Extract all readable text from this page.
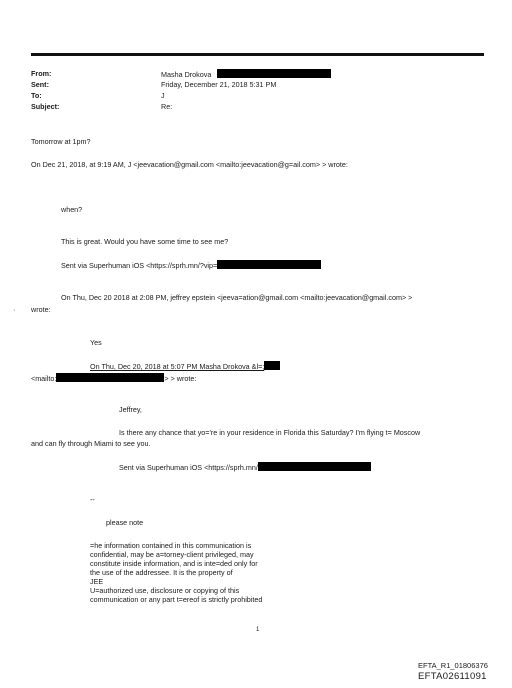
From:
Sent:
To:
Subject:
Masha Drokova
Friday, December 21, 2018 5:31 PM
J
Re:
Tomorrow at 1pm?
On Dec 21, 2018, at 9:19 AM, J <jeevacation@gmail.com <mailto:jeevacation@g=ail.com> > wrote:
when?
This is great. Would you have some time to see me?
Sent via Superhuman iOS <https://sprh.mn/?vip=
On Thu, Dec 20 2018 at 2:08 PM, jeffrey epstein <jeeva=ation@gmail.com <mailto:jeevacation@gmail.com> >
· wrote:
Yes
On Thu, Dec 20, 2018 at 5:07 PM Masha Drokova &l=;
<mailto:	> > wrote:
Jeffrey,
Is there any chance that yo='re in your residence in Florida this Saturday? I'm flying t= Moscow
and can fly through Miami to see you.
Sent via Superhuman iOS <https://sprh.mn/
--
please note
=he information contained in this communication is
confidential, may be a=torney-client privileged, may
constitute inside information, and is inte=ded only for
the use of the addressee. It is the property of
JEE
U=authorized use, disclosure or copying of this
communication or any part t=ereof is strictly prohibited
1
EFTA_R1_01806376
EFTA02611091
